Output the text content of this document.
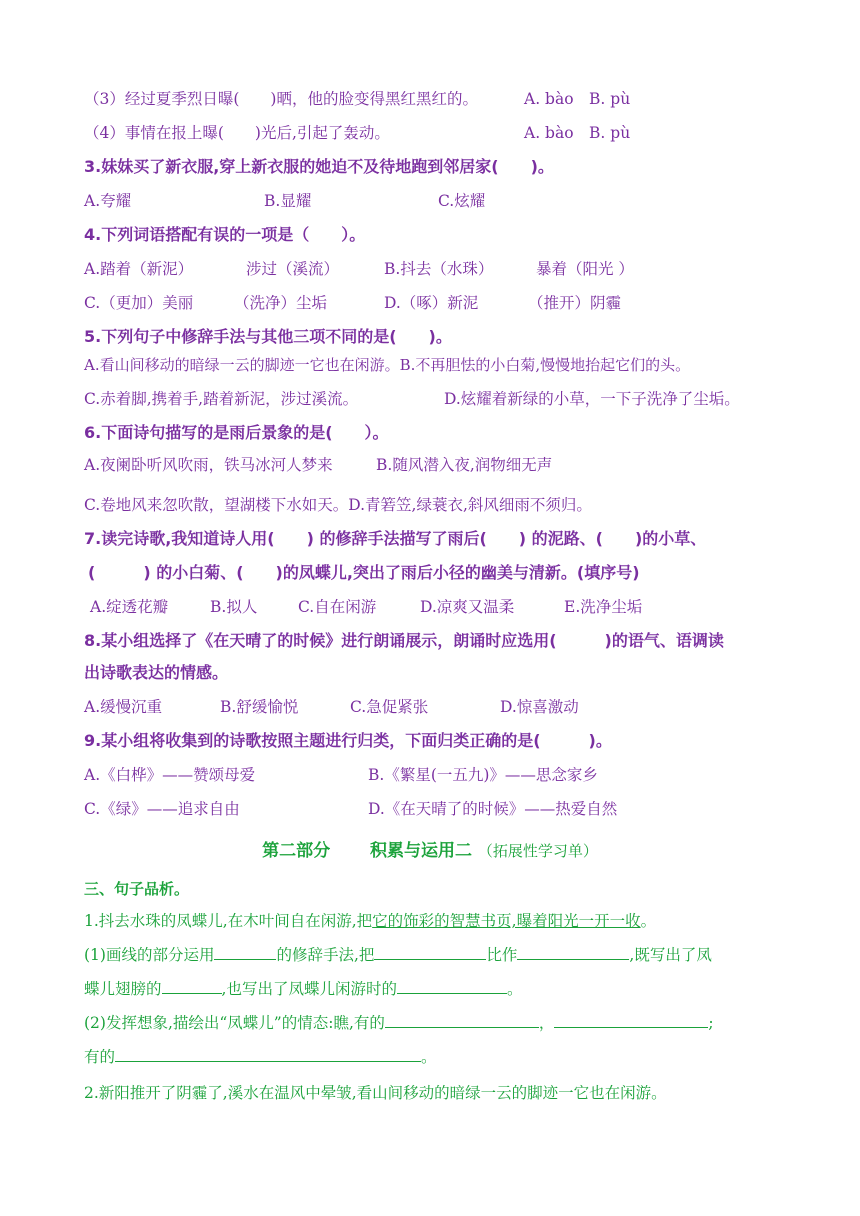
（3）经过夏季烈日曝(　　)晒，他的脸变得黑红黑红的。	A. bào　B. pù
（4）事情在报上曝(　　)光后,引起了轰动。	A. bào　B. pù
3.妹妹买了新衣服,穿上新衣服的她迫不及待地跑到邻居家(　　)。
A.夸耀	B.显耀	C.炫耀
4.下列词语搭配有误的一项是（　　）。
A.踏着（新泥）	涉过（溪流）	B.抖去（水珠）	暴着（阳光 ）
C.（更加）美丽	（洗净）尘垢	D.（啄）新泥	（推开）阴霾
5.下列句子中修辞手法与其他三项不同的是(　　)。
A.看山间移动的暗绿一云的脚迹一它也在闲游。B.不再胆怯的小白菊,慢慢地抬起它们的头。
C.赤着脚,携着手,踏着新泥，涉过溪流。	D.炫耀着新绿的小草，一下子洗净了尘垢。
6.下面诗句描写的是雨后景象的是(　　）。
A.夜阑卧听风吹雨，铁马冰河人梦来	B.随风潜入夜,润物细无声
C.卷地风来忽吹散，望湖楼下水如天。D.青箬笠,绿蓑衣,斜风细雨不须归。
7.读完诗歌,我知道诗人用(　　) 的修辞手法描写了雨后(　　) 的泥路、(　　)的小草、
(　　　) 的小白菊、(　　)的凤蝶儿,突出了雨后小径的幽美与清新。(填序号)
A.绽透花瓣	B.拟人	C.自在闲游	D.凉爽又温柔	E.洗净尘垢
8.某小组选择了《在天晴了的时候》进行朗诵展示，朗诵时应选用(　　　)的语气、语调读
出诗歌表达的情感。
A.缓慢沉重	B.舒缓愉悦	C.急促紧张	D.惊喜激动
9.某小组将收集到的诗歌按照主题进行归类，下面归类正确的是(　　　)。
A.《白桦》——赞颂母爱	B.《繁星(一五九)》——思念家乡
C.《绿》——追求自由	D.《在天晴了的时候》——热爱自然
第二部分 积累与运用二 （拓展性学习单）
三、句子品析。
1.抖去水珠的凤蝶儿,在木叶间自在闲游,把它的饰彩的智慧书页,曝着阳光一开一收。
(1)画线的部分运用	的修辞手法,把	比作	,既写出了凤
蝶儿翅膀的	,也写出了凤蝶儿闲游时的	。
(2)发挥想象,描绘出“凤蝶儿”的情态:瞧,有的	，	;
有的	。
2.新阳推开了阴霾了,溪水在温风中晕皱,看山间移动的暗绿一云的脚迹一它也在闲游。
